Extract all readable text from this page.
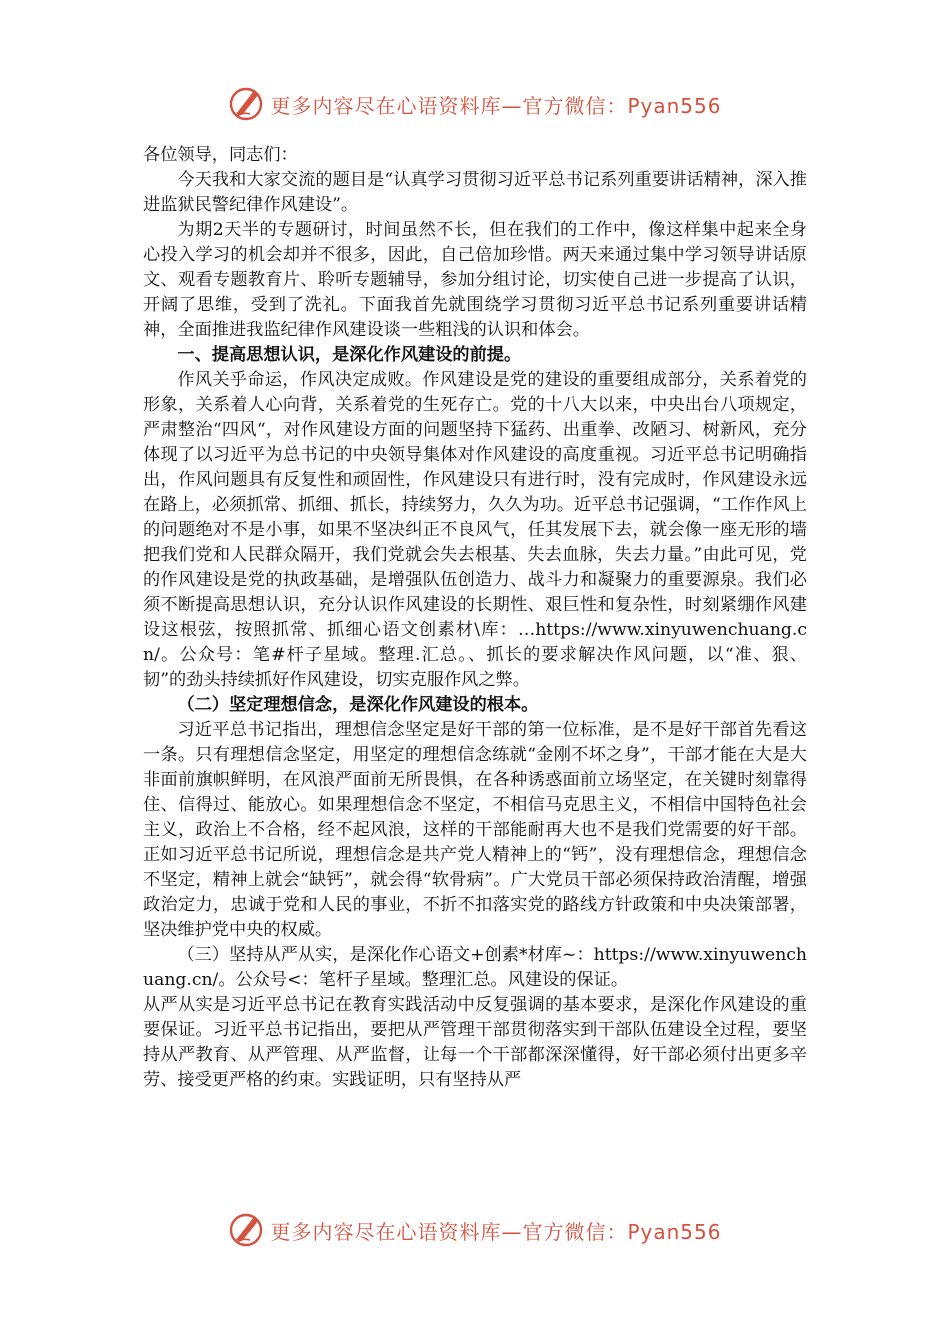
更多内容尽在心语资料库—官方微信：Pyan556

各位领导，同志们：

今天我和大家交流的题目是“认真学习贯彻习近平总书记系列重要讲话精神，深入推进监狱民警纪律作风建设”。

为期2天半的专题研讨，时间虽然不长，但在我们的工作中，像这样集中起来全身心投入学习的机会却并不很多，因此，自己倍加珍惜。两天来通过集中学习领导讲话原文、观看专题教育片、聆听专题辅导，参加分组讨论，切实使自己进一步提高了认识，开阔了思维，受到了洗礼。下面我首先就围绕学习贯彻习近平总书记系列重要讲话精神，全面推进我监纪律作风建设谈一些粗浅的认识和体会。

一、提高思想认识，是深化作风建设的前提。

作风关乎命运，作风决定成败。作风建设是党的建设的重要组成部分，关系着党的形象，关系着人心向背，关系着党的生死存亡。党的十八大以来，中央出台八项规定，严肃整治“四风“，对作风建设方面的问题坚持下猛药、出重拳、改陋习、树新风，充分体现了以习近平为总书记的中央领导集体对作风建设的高度重视。习近平总书记明确指出，作风问题具有反复性和顽固性，作风建设只有进行时，没有完成时，作风建设永远在路上，必须抓常、抓细、抓长，持续努力，久久为功。近平总书记强调，“工作作风上的问题绝对不是小事，如果不坚决纠正不良风气，任其发展下去，就会像一座无形的墙把我们党和人民群众隔开，我们党就会失去根基、失去血脉，失去力量。”由此可见，党的作风建设是党的执政基础，是增强队伍创造力、战斗力和凝聚力的重要源泉。我们必须不断提高思想认识，充分认识作风建设的长期性、艰巨性和复杂性，时刻紧绷作风建设这根弦，按照抓常、抓细心语文创素材\库：…https://www.xinyuwenchuang.cn/。公众号：笔#杆子星域。整理.汇总。、抓长的要求解决作风问题，以“准、狠、韧”的劲头持续抓好作风建设，切实克服作风之弊。

（二）坚定理想信念，是深化作风建设的根本。

习近平总书记指出，理想信念坚定是好干部的第一位标准，是不是好干部首先看这一条。只有理想信念坚定，用坚定的理想信念练就“金刚不坏之身”，干部才能在大是大非面前旗帜鲜明，在风浪严面前无所畏惧，在各种诱惑面前立场坚定，在关键时刻靠得住、信得过、能放心。如果理想信念不坚定，不相信马克思主义，不相信中国特色社会主义，政治上不合格，经不起风浪，这样的干部能耐再大也不是我们党需要的好干部。正如习近平总书记所说，理想信念是共产党人精神上的“钙”，没有理想信念，理想信念不坚定，精神上就会“缺钙”，就会得“软骨病”。广大党员干部必须保持政治清醒，增强政治定力，忠诚于党和人民的事业，不折不扣落实党的路线方针政策和中央决策部署，坚决维护党中央的权威。

（三）坚持从严从实，是深化作心语文+创素*材库~：https://www.xinyuwenchuang.cn/。公众号<：笔杆子星域。整理汇总。风建设的保证。

从严从实是习近平总书记在教育实践活动中反复强调的基本要求，是深化作风建设的重要保证。习近平总书记指出，要把从严管理干部贯彻落实到干部队伍建设全过程，要坚持从严教育、从严管理、从严监督，让每一个干部都深深懂得，好干部必须付出更多辛劳、接受更严格的约束。实践证明，只有坚持从严

更多内容尽在心语资料库—官方微信：Pyan556
